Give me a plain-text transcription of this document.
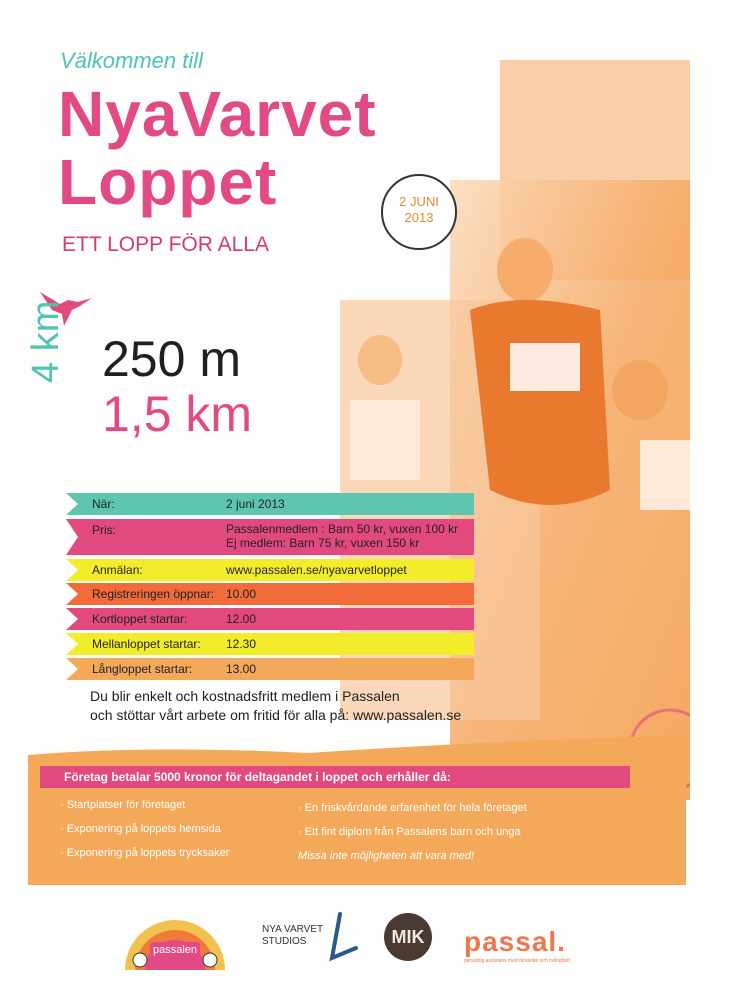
Välkommen till
NyaVarvet
Loppet
ETT LOPP FÖR ALLA
2 JUNI
2013
4 km 250 m
1,5 km
När:	2 juni 2013
Pris:	Passalenmedlem : Barn 50 kr, vuxen 100 kr
Ej medlem: Barn 75 kr, vuxen 150 kr
Anmälan:	www.passalen.se/nyavarvetloppet
Registreringen öppnar: 10.00
Kortloppet startar:	12.00
Mellanloppet startar: 12.30
Långloppet startar:	13.00
Du blir enkelt och kostnadsfritt medlem i Passalen
och stöttar vårt arbete om fritid för alla på: www.passalen.se
Företag betalar 5000 kronor för deltagandet i loppet och erhåller då:
· Startplatser för företaget
· Exponering på loppets hemsida
· Exponering på loppets trycksaker
· En friskvårdande erfarenhet för hela företaget
· Ett fint diplom från Passalens barn och unga
Missa inte möjligheten att vara med!
passalen
NYA VARVET
STUDIOS	MIK passal.
personlig assistans med omtanke och mångfald
